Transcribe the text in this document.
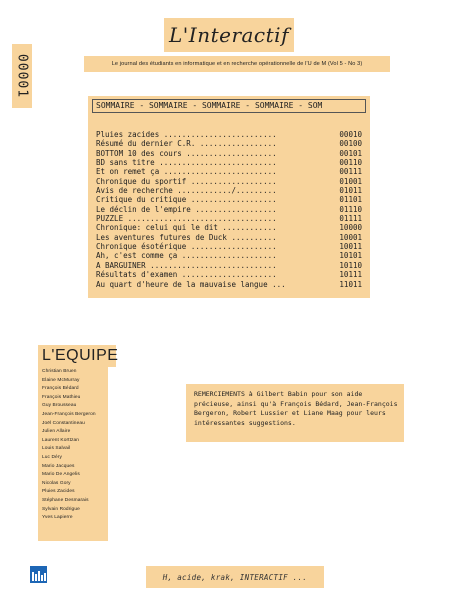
L'Interactif
Le journal des étudiants en informatique et en recherche opérationnelle de l'U de M (Vol 5 - No 3)
00001
SOMMAIRE - SOMMAIRE - SOMMAIRE - SOMMAIRE - SOM
Pluies zacides .........................	00010
Résumé du dernier C.R. .................	00100
BOTTOM 10 des cours ....................	00101
BD sans titre ..........................	00110
Et on remet ça .........................	00111
Chronique du sportif ...................	01001
Avis de recherche ............/.........	01011
Critique du critique ...................	01101
Le déclin de l'empire ..................	01110
PUZZLE .................................	01111
Chronique: celui qui le dit ............	10000
Les aventures futures de Duck ..........	10001
Chronique ésotérique ...................	10011
Ah, c'est comme ça .....................	10101
A BARGUINER ............................	10110
Résultats d'examen .....................	10111
Au quart d'heure de la mauvaise langue ...	11011
L'EQUIPE
Christian Bruen
Elaine McMurray
François Bédard
François Mathieu
Guy Brousseau
Jean-François Bergeron
Joël Constantineau
Julien Allaire
Laurent Korttzan
Louis Salvail
Luc Déry
Mario Jacques
Mario De Angelis
Nicolas Gory
Pluies Zacides
Stéphane Desmarais
Sylvain Rodrigue
Yves Lapierre

REMERCIEMENTS à Gilbert Babin pour son aide précieuse, ainsi qu'à François Bédard, Jean-François Bergeron, Robert Lussier et Liane Maag pour leurs intéressantes suggestions.

H, acide, krak, INTERACTIF ...
